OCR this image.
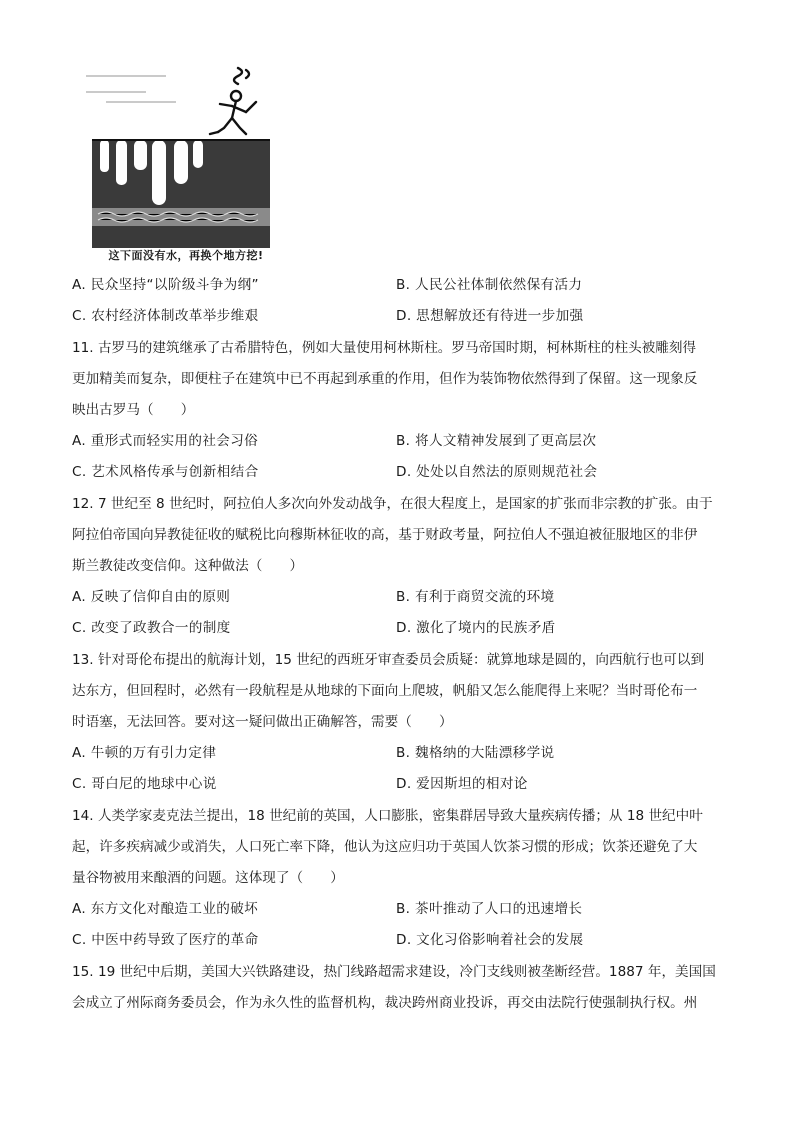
这下面没有水，再换个地方挖!
A. 民众坚持“以阶级斗争为纲”	B. 人民公社体制依然保有活力
C. 农村经济体制改革举步维艰	D. 思想解放还有待进一步加强
11. 古罗马的建筑继承了古希腊特色，例如大量使用柯林斯柱。罗马帝国时期，柯林斯柱的柱头被雕刻得
更加精美而复杂，即便柱子在建筑中已不再起到承重的作用，但作为装饰物依然得到了保留。这一现象反
映出古罗马（　　）
A. 重形式而轻实用的社会习俗	B. 将人文精神发展到了更高层次
C. 艺术风格传承与创新相结合	D. 处处以自然法的原则规范社会
12. 7 世纪至 8 世纪时，阿拉伯人多次向外发动战争，在很大程度上，是国家的扩张而非宗教的扩张。由于
阿拉伯帝国向异教徒征收的赋税比向穆斯林征收的高，基于财政考量，阿拉伯人不强迫被征服地区的非伊
斯兰教徒改变信仰。这种做法（　　）
A. 反映了信仰自由的原则	B. 有利于商贸交流的环境
C. 改变了政教合一的制度	D. 激化了境内的民族矛盾
13. 针对哥伦布提出的航海计划，15 世纪的西班牙审查委员会质疑：就算地球是圆的，向西航行也可以到
达东方，但回程时，必然有一段航程是从地球的下面向上爬坡，帆船又怎么能爬得上来呢？当时哥伦布一
时语塞，无法回答。要对这一疑问做出正确解答，需要（　　）
A. 牛顿的万有引力定律	B. 魏格纳的大陆漂移学说
C. 哥白尼的地球中心说	D. 爱因斯坦的相对论
14. 人类学家麦克法兰提出，18 世纪前的英国，人口膨胀，密集群居导致大量疾病传播；从 18 世纪中叶
起，许多疾病减少或消失，人口死亡率下降，他认为这应归功于英国人饮茶习惯的形成；饮茶还避免了大
量谷物被用来酿酒的问题。这体现了（　　）
A. 东方文化对酿造工业的破坏	B. 茶叶推动了人口的迅速增长
C. 中医中药导致了医疗的革命	D. 文化习俗影响着社会的发展
15. 19 世纪中后期，美国大兴铁路建设，热门线路超需求建设，冷门支线则被垄断经营。1887 年，美国国
会成立了州际商务委员会，作为永久性的监督机构，裁决跨州商业投诉，再交由法院行使强制执行权。州
